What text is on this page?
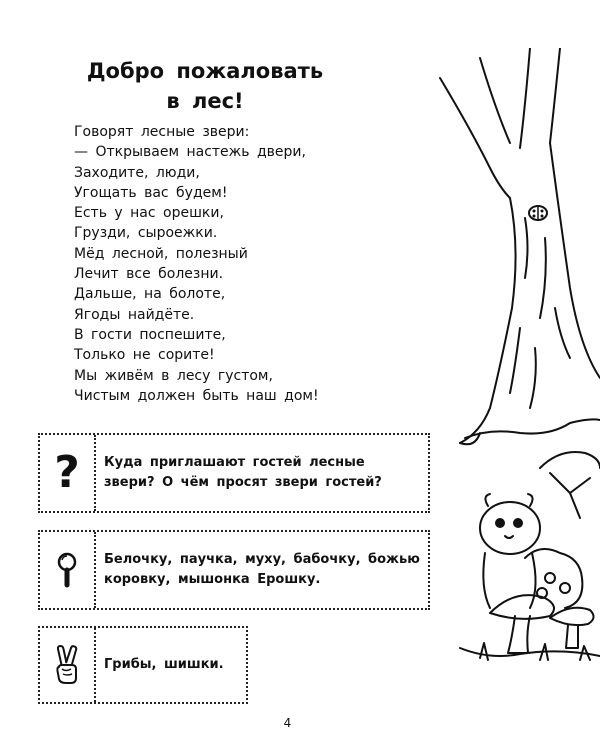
Добро пожаловать
в лес!
Говорят лесные звери:
— Открываем настежь двери,
Заходите, люди,
Угощать вас будем!
Есть у нас орешки,
Грузди, сыроежки.
Мёд лесной, полезный
Лечит все болезни.
Дальше, на болоте,
Ягоды найдёте.
В гости поспешите,
Только не сорите!
Мы живём в лесу густом,
Чистым должен быть наш дом!
? Куда приглашают гостей лесные звери? О чём просят звери гостей?
Белочку, паучка, муху, бабочку, божью коровку, мышонка Ерошку.
Грибы, шишки.
4
